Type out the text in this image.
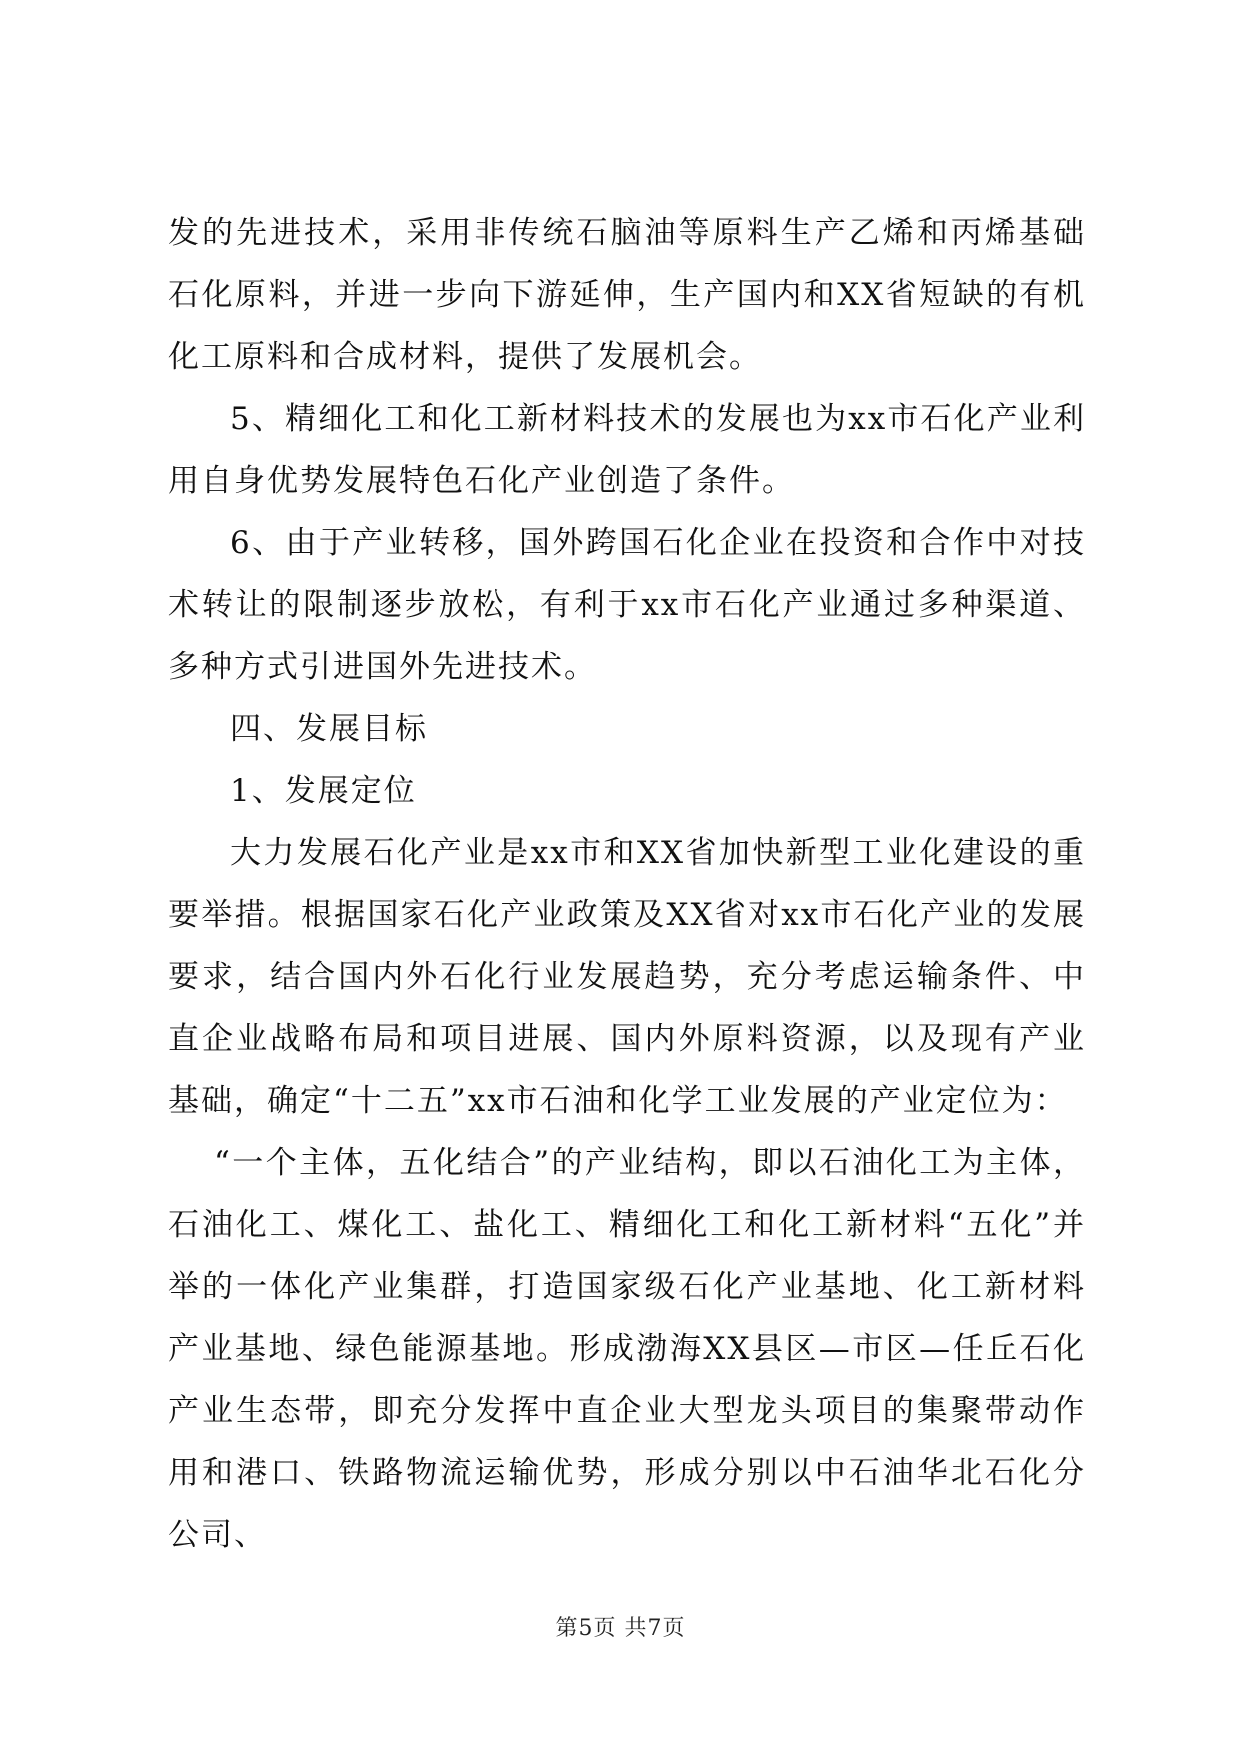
发的先进技术，采用非传统石脑油等原料生产乙烯和丙烯基础石化原料，并进一步向下游延伸，生产国内和XX省短缺的有机化工原料和合成材料，提供了发展机会。

5、精细化工和化工新材料技术的发展也为xx市石化产业利用自身优势发展特色石化产业创造了条件。

6、由于产业转移，国外跨国石化企业在投资和合作中对技术转让的限制逐步放松，有利于xx市石化产业通过多种渠道、多种方式引进国外先进技术。

四、发展目标

1、发展定位

大力发展石化产业是xx市和XX省加快新型工业化建设的重要举措。根据国家石化产业政策及XX省对xx市石化产业的发展要求，结合国内外石化行业发展趋势，充分考虑运输条件、中直企业战略布局和项目进展、国内外原料资源，以及现有产业基础，确定“十二五”xx市石油和化学工业发展的产业定位为：

“一个主体，五化结合”的产业结构，即以石油化工为主体，石油化工、煤化工、盐化工、精细化工和化工新材料“五化”并举的一体化产业集群，打造国家级石化产业基地、化工新材料产业基地、绿色能源基地。形成渤海XX县区—市区—任丘石化产业生态带，即充分发挥中直企业大型龙头项目的集聚带动作用和港口、铁路物流运输优势，形成分别以中石油华北石化分公司、

第5页 共7页
